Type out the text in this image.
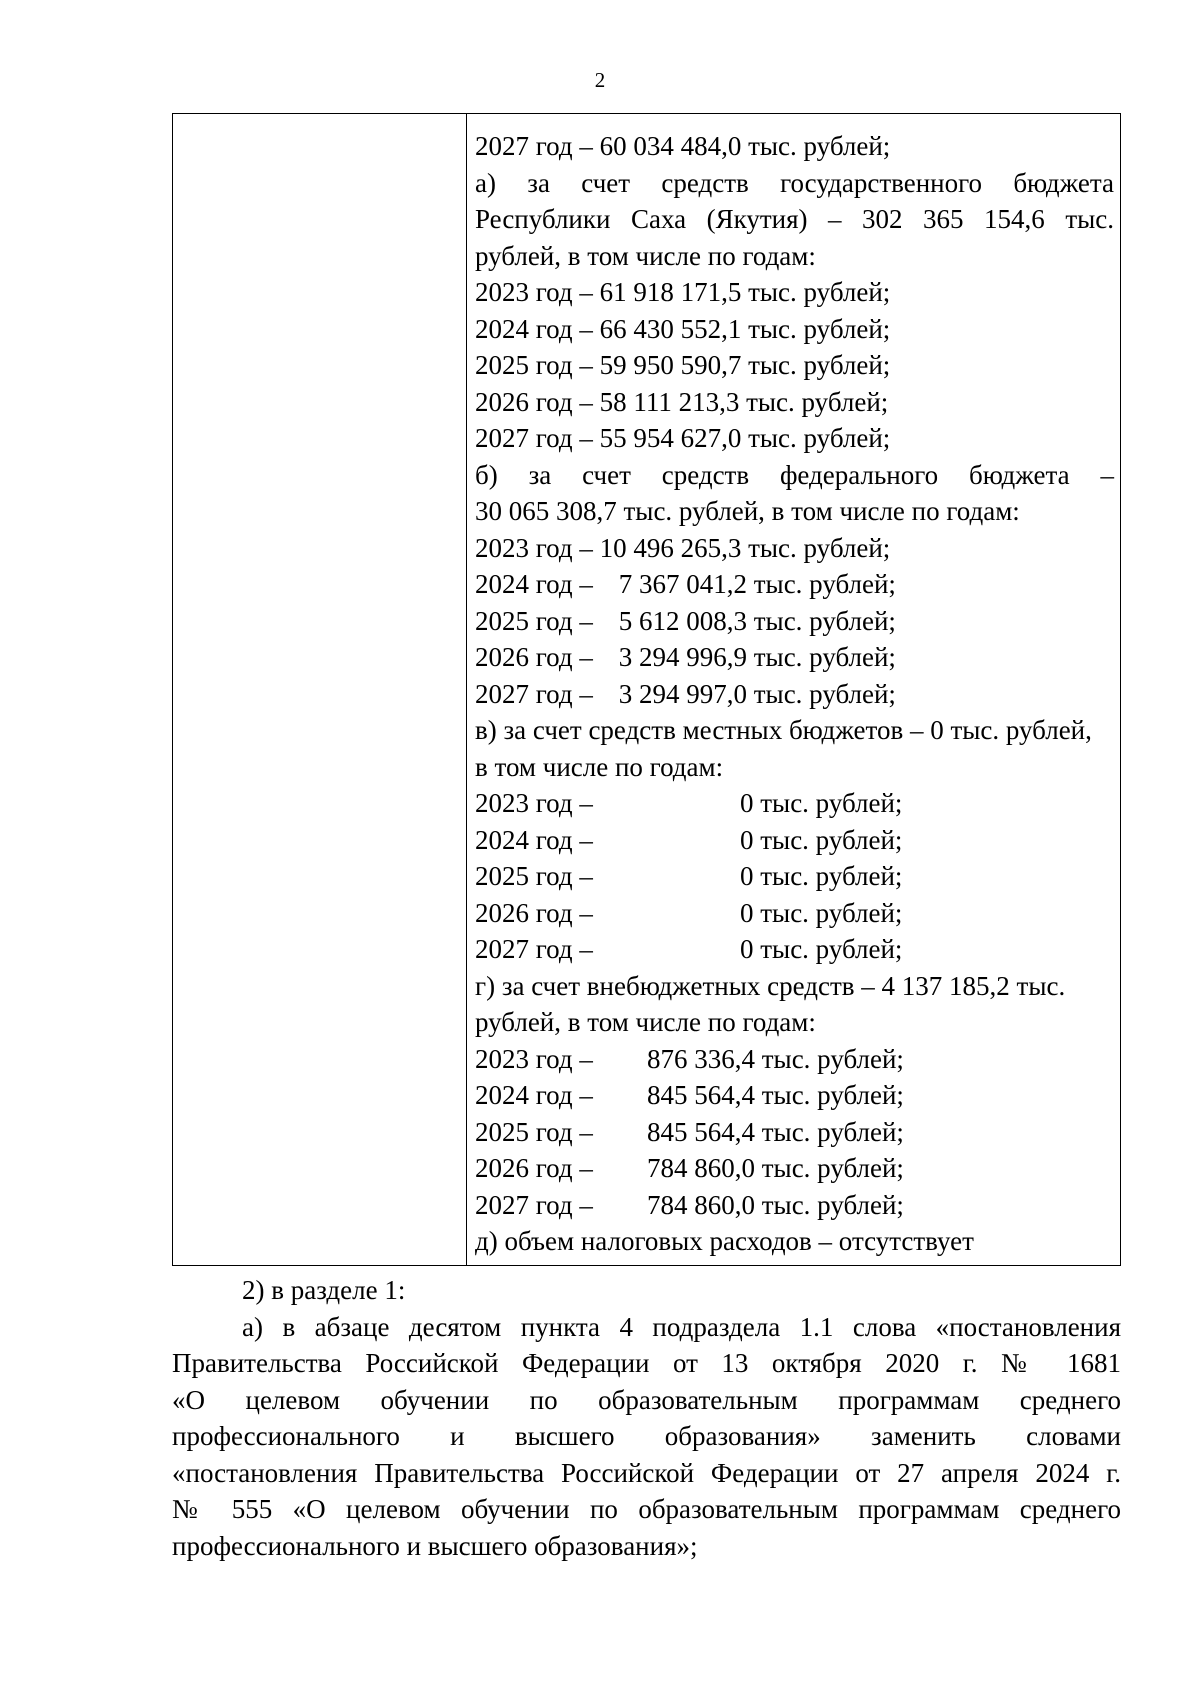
2
2027 год – 60 034 484,0 тыс. рублей;
а) за счет средств государственного бюджета
Республики Саха (Якутия) – 302 365 154,6 тыс.
рублей, в том числе по годам:
2023 год – 61 918 171,5 тыс. рублей;
2024 год – 66 430 552,1 тыс. рублей;
2025 год – 59 950 590,7 тыс. рублей;
2026 год – 58 111 213,3 тыс. рублей;
2027 год – 55 954 627,0 тыс. рублей;
б) за счет средств федерального бюджета –
30 065 308,7 тыс. рублей, в том числе по годам:
2023 год – 10 496 265,3 тыс. рублей;
2024 год – 7 367 041,2 тыс. рублей;
2025 год – 5 612 008,3 тыс. рублей;
2026 год – 3 294 996,9 тыс. рублей;
2027 год – 3 294 997,0 тыс. рублей;
в) за счет средств местных бюджетов – 0 тыс. рублей,
в том числе по годам:
2023 год –	0 тыс. рублей;
2024 год –	0 тыс. рублей;
2025 год –	0 тыс. рублей;
2026 год –	0 тыс. рублей;
2027 год –	0 тыс. рублей;
г) за счет внебюджетных средств – 4 137 185,2 тыс.
рублей, в том числе по годам:
2023 год –	876 336,4 тыс. рублей;
2024 год –	845 564,4 тыс. рублей;
2025 год –	845 564,4 тыс. рублей;
2026 год –	784 860,0 тыс. рублей;
2027 год –	784 860,0 тыс. рублей;
д) объем налоговых расходов – отсутствует
2) в разделе 1:
а) в абзаце десятом пункта 4 подраздела 1.1 слова «постановления
Правительства Российской Федерации от 13 октября 2020 г. № 1681
«О целевом обучении по образовательным программам среднего
профессионального и высшего образования» заменить словами
«постановления Правительства Российской Федерации от 27 апреля 2024 г.
№ 555 «О целевом обучении по образовательным программам среднего
профессионального и высшего образования»;
